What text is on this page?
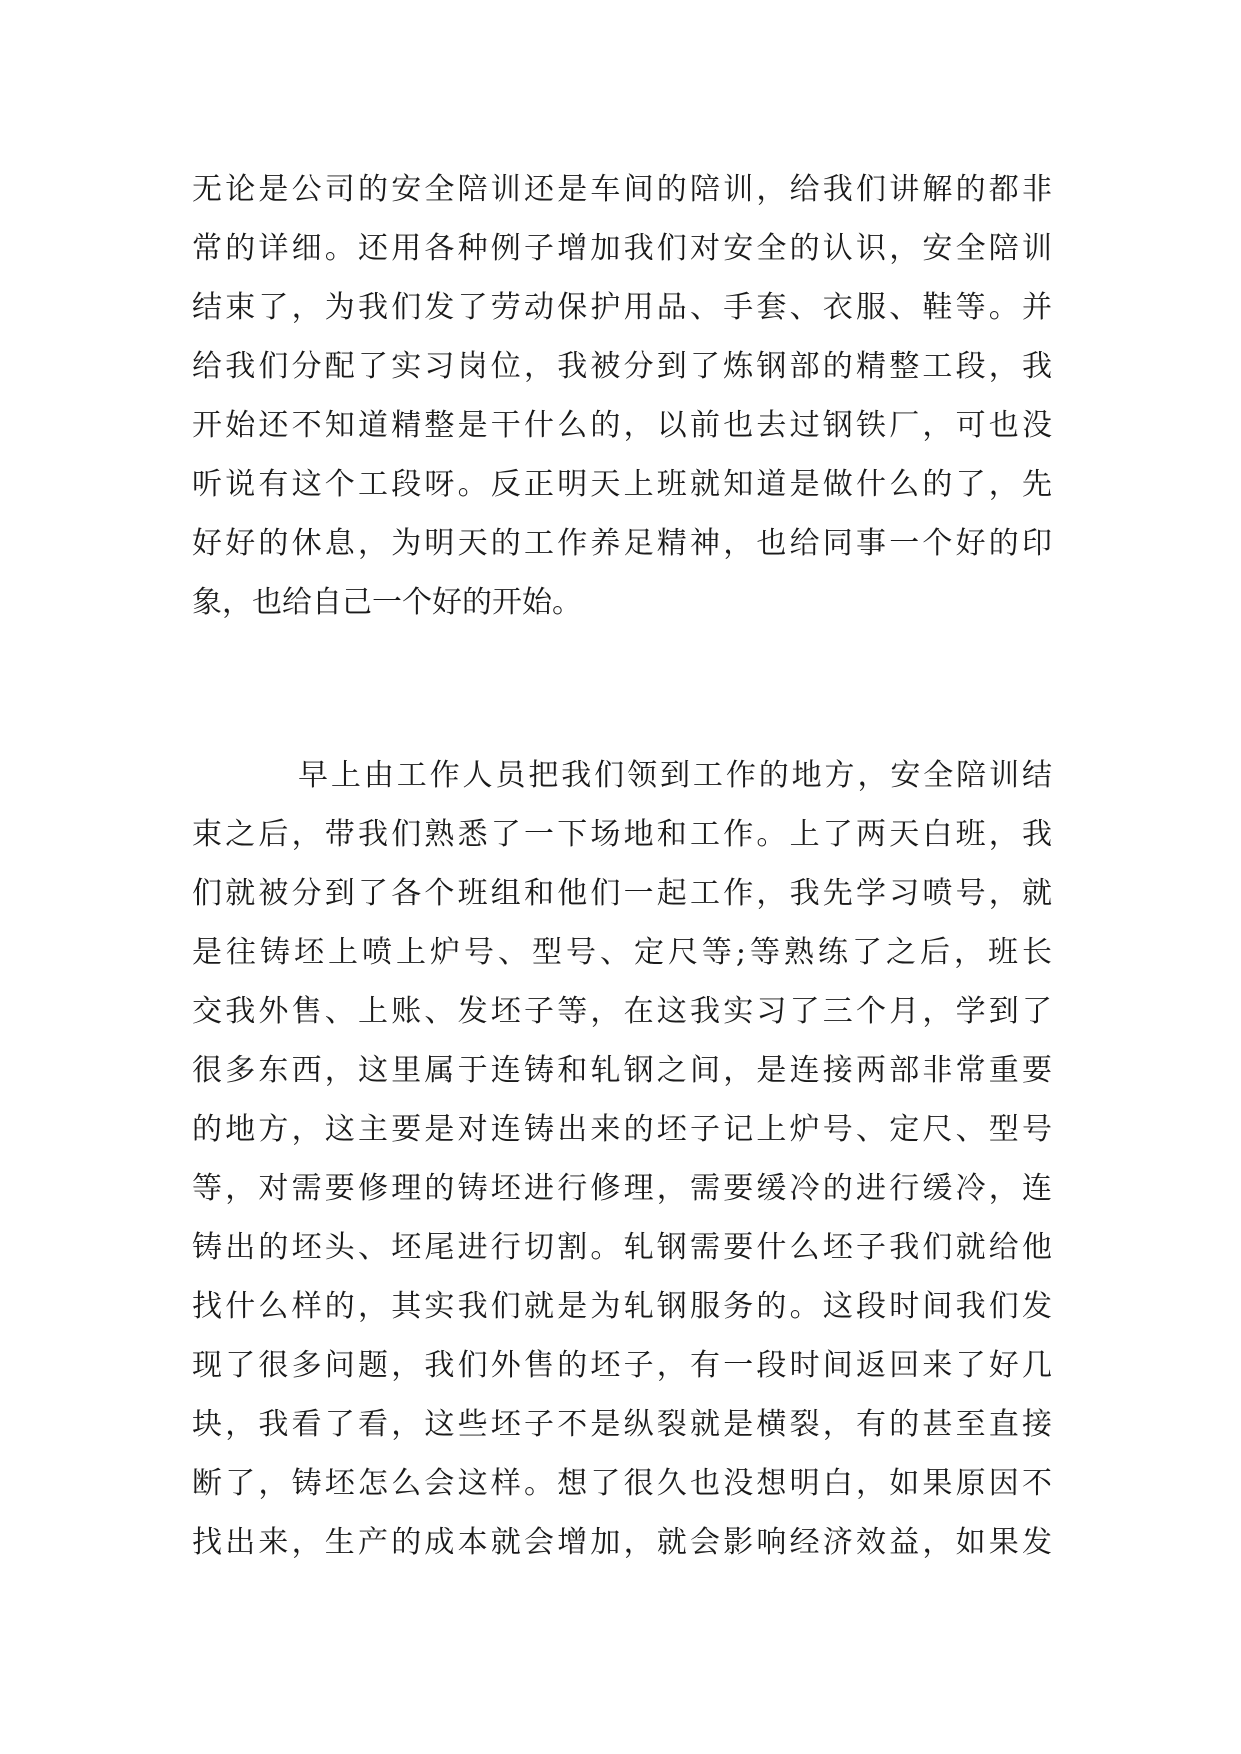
无论是公司的安全陪训还是车间的陪训，给我们讲解的都非
常的详细。还用各种例子增加我们对安全的认识，安全陪训
结束了，为我们发了劳动保护用品、手套、衣服、鞋等。并
给我们分配了实习岗位，我被分到了炼钢部的精整工段，我
开始还不知道精整是干什么的，以前也去过钢铁厂，可也没
听说有这个工段呀。反正明天上班就知道是做什么的了，先
好好的休息，为明天的工作养足精神，也给同事一个好的印
象，也给自己一个好的开始。
早上由工作人员把我们领到工作的地方，安全陪训结
束之后，带我们熟悉了一下场地和工作。上了两天白班，我
们就被分到了各个班组和他们一起工作，我先学习喷号，就
是往铸坯上喷上炉号、型号、定尺等;等熟练了之后，班长
交我外售、上账、发坯子等，在这我实习了三个月，学到了
很多东西，这里属于连铸和轧钢之间，是连接两部非常重要
的地方，这主要是对连铸出来的坯子记上炉号、定尺、型号
等，对需要修理的铸坯进行修理，需要缓冷的进行缓冷，连
铸出的坯头、坯尾进行切割。轧钢需要什么坯子我们就给他
找什么样的，其实我们就是为轧钢服务的。这段时间我们发
现了很多问题，我们外售的坯子，有一段时间返回来了好几
块，我看了看，这些坯子不是纵裂就是横裂，有的甚至直接
断了，铸坯怎么会这样。想了很久也没想明白，如果原因不
找出来，生产的成本就会增加，就会影响经济效益，如果发
